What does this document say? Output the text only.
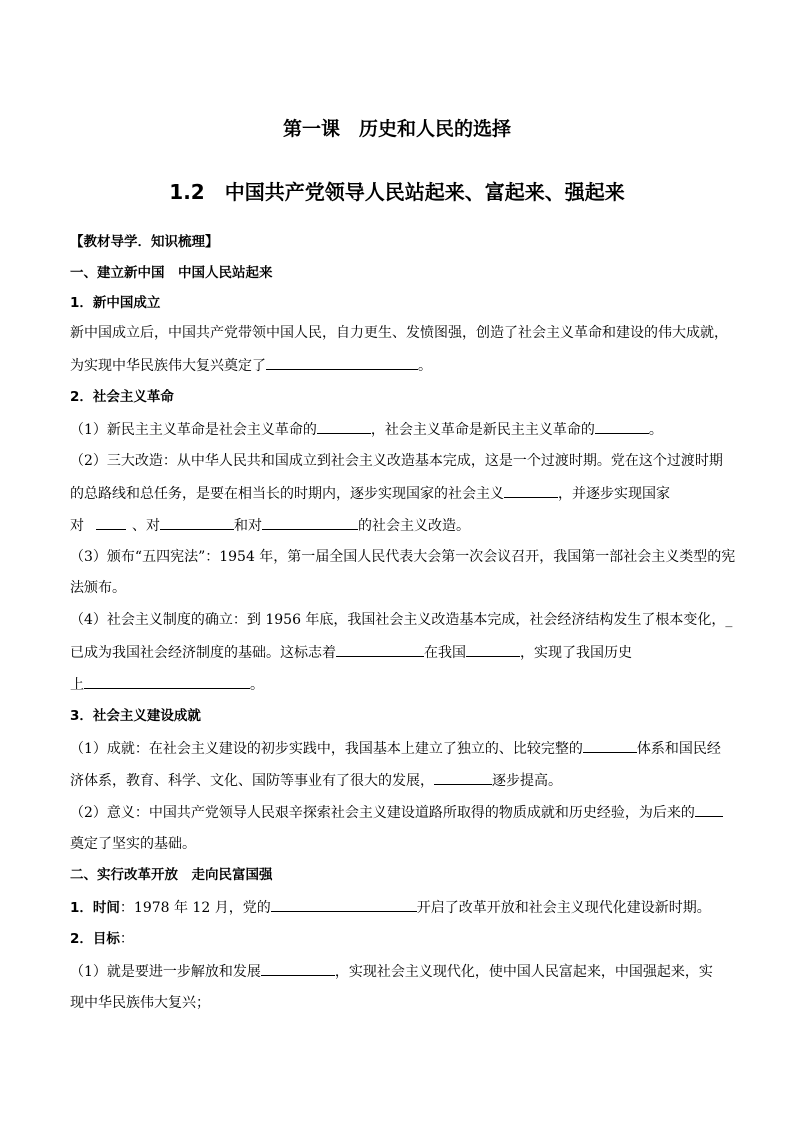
第一课　历史和人民的选择
1.2　中国共产党领导人民站起来、富起来、强起来
【教材导学．知识梳理】
一、建立新中国　中国人民站起来
1．新中国成立
新中国成立后，中国共产党带领中国人民，自力更生、发愤图强，创造了社会主义革命和建设的伟大成就，
为实现中华民族伟大复兴奠定了	。
2．社会主义革命
（1）新民主主义革命是社会主义革命的	，社会主义革命是新民主主义革命的	。
（2）三大改造：从中华人民共和国成立到社会主义改造基本完成，这是一个过渡时期。党在这个过渡时期
的总路线和总任务，是要在相当长的时期内，逐步实现国家的社会主义	，并逐步实现国家
对	、对	和对	的社会主义改造。
（3）颁布“五四宪法”：1954 年，第一届全国人民代表大会第一次会议召开，我国第一部社会主义类型的宪
法颁布。
（4）社会主义制度的确立：到 1956 年底，我国社会主义改造基本完成，社会经济结构发生了根本变化，_
已成为我国社会经济制度的基础。这标志着	在我国	，实现了我国历史
上	。
3．社会主义建设成就
（1）成就：在社会主义建设的初步实践中，我国基本上建立了独立的、比较完整的	体系和国民经
济体系，教育、科学、文化、国防等事业有了很大的发展，	逐步提高。
（2）意义：中国共产党领导人民艰辛探索社会主义建设道路所取得的物质成就和历史经验，为后来的
奠定了坚实的基础。
二、实行改革开放　走向民富国强
1．时间：1978 年 12 月，党的	开启了改革开放和社会主义现代化建设新时期。
2．目标：
（1）就是要进一步解放和发展	，实现社会主义现代化，使中国人民富起来，中国强起来，实
现中华民族伟大复兴；
